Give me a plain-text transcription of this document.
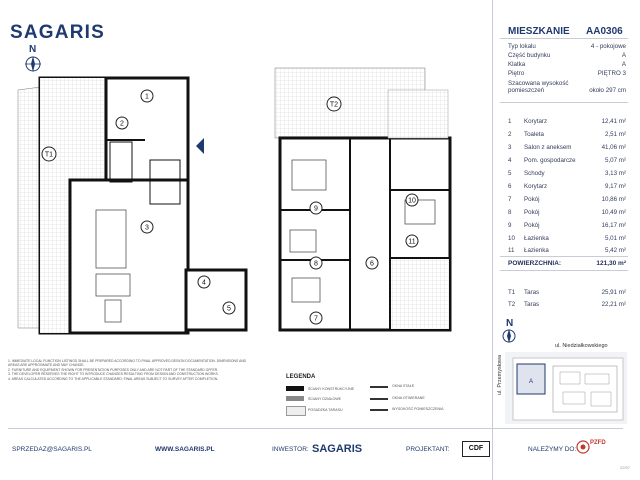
SAGARIS
N
1
2
3
4
5
6
7
8
9
10
11
T1
T2
MIESZKANIE AA0306
Typ lokalu	4 - pokojowe
Część budynku	A
Klatka	A
Piętro	PIĘTRO 3
Szacowana wysokość pomieszczeń	około 297 cm
1	Korytarz	12,41 m²
2	Toaleta	2,51 m²
3	Salon z aneksem	41,06 m²
4	Pom. gospodarcze	5,07 m²
5	Schody	3,13 m²
6	Korytarz	9,17 m²
7	Pokój	10,86 m²
8	Pokój	10,49 m²
9	Pokój	16,17 m²
10	Łazienka	5,01 m²
11	Łazienka	5,42 m²
POWIERZCHNIA:	121,30 m²
T1	Taras	25,91 m²
T2	Taras	22,21 m²
N
ul. Niedziałkowskiego
ul. Przemysłowa	A
1. IMMEDIATE LOCAL FUNCTION LISTINGS SHALL BE PREPARED ACCORDING TO FINAL APPROVED DESIGN DOCUMENTATION. DIMENSIONS AND AREAS ARE APPROXIMATE AND MAY CHANGE.
2. FURNITURE AND EQUIPMENT SHOWN FOR PRESENTATION PURPOSES ONLY AND ARE NOT PART OF THE STANDARD OFFER.
3. THE DEVELOPER RESERVES THE RIGHT TO INTRODUCE CHANGES RESULTING FROM DESIGN AND CONSTRUCTION WORKS.
4. AREAS CALCULATED ACCORDING TO THE APPLICABLE STANDARD; FINAL AREAS SUBJECT TO SURVEY AFTER COMPLETION.	LEGENDA
ŚCIANY KONSTRUKCYJNE
ŚCIANY DZIAŁOWE
POSADZKA TARASU
OKNA STAŁE
OKNA OTWIERANE
WYSOKOŚĆ POMIESZCZENIA
SPRZEDAZ@SAGARIS.PL	WWW.SAGARIS.PL	INWESTOR: SAGARIS	PROJEKTANT:	CDF	NALEŻYMY DO:
PZFD
22/97
